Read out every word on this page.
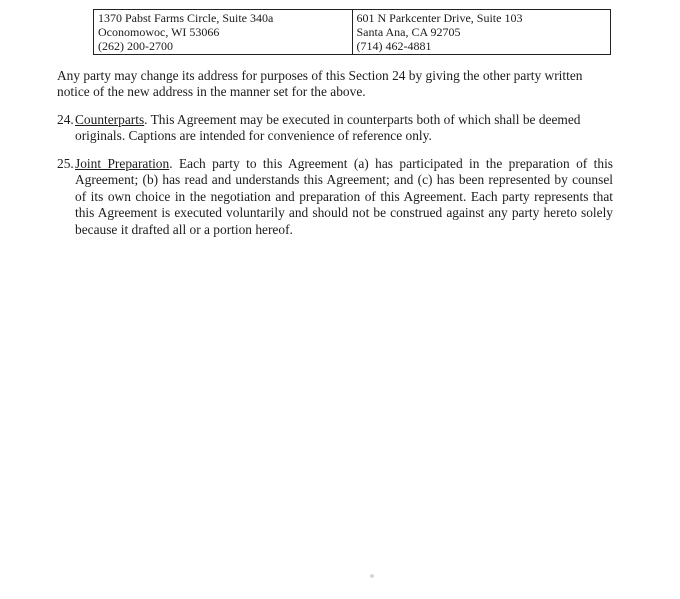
1370 Pabst Farms Circle, Suite 340a
Oconomowoc, WI 53066
(262) 200-2700

601 N Parkcenter Drive, Suite 103
Santa Ana, CA 92705
(714) 462-4881
Any party may change its address for purposes of this Section 24 by giving the other party written notice of the new address in the manner set for the above.
24. Counterparts. This Agreement may be executed in counterparts both of which shall be deemed originals. Captions are intended for convenience of reference only.
25. Joint Preparation. Each party to this Agreement (a) has participated in the preparation of this Agreement; (b) has read and understands this Agreement; and (c) has been represented by counsel of its own choice in the negotiation and preparation of this Agreement. Each party represents that this Agreement is executed voluntarily and should not be construed against any party hereto solely because it drafted all or a portion hereof.
